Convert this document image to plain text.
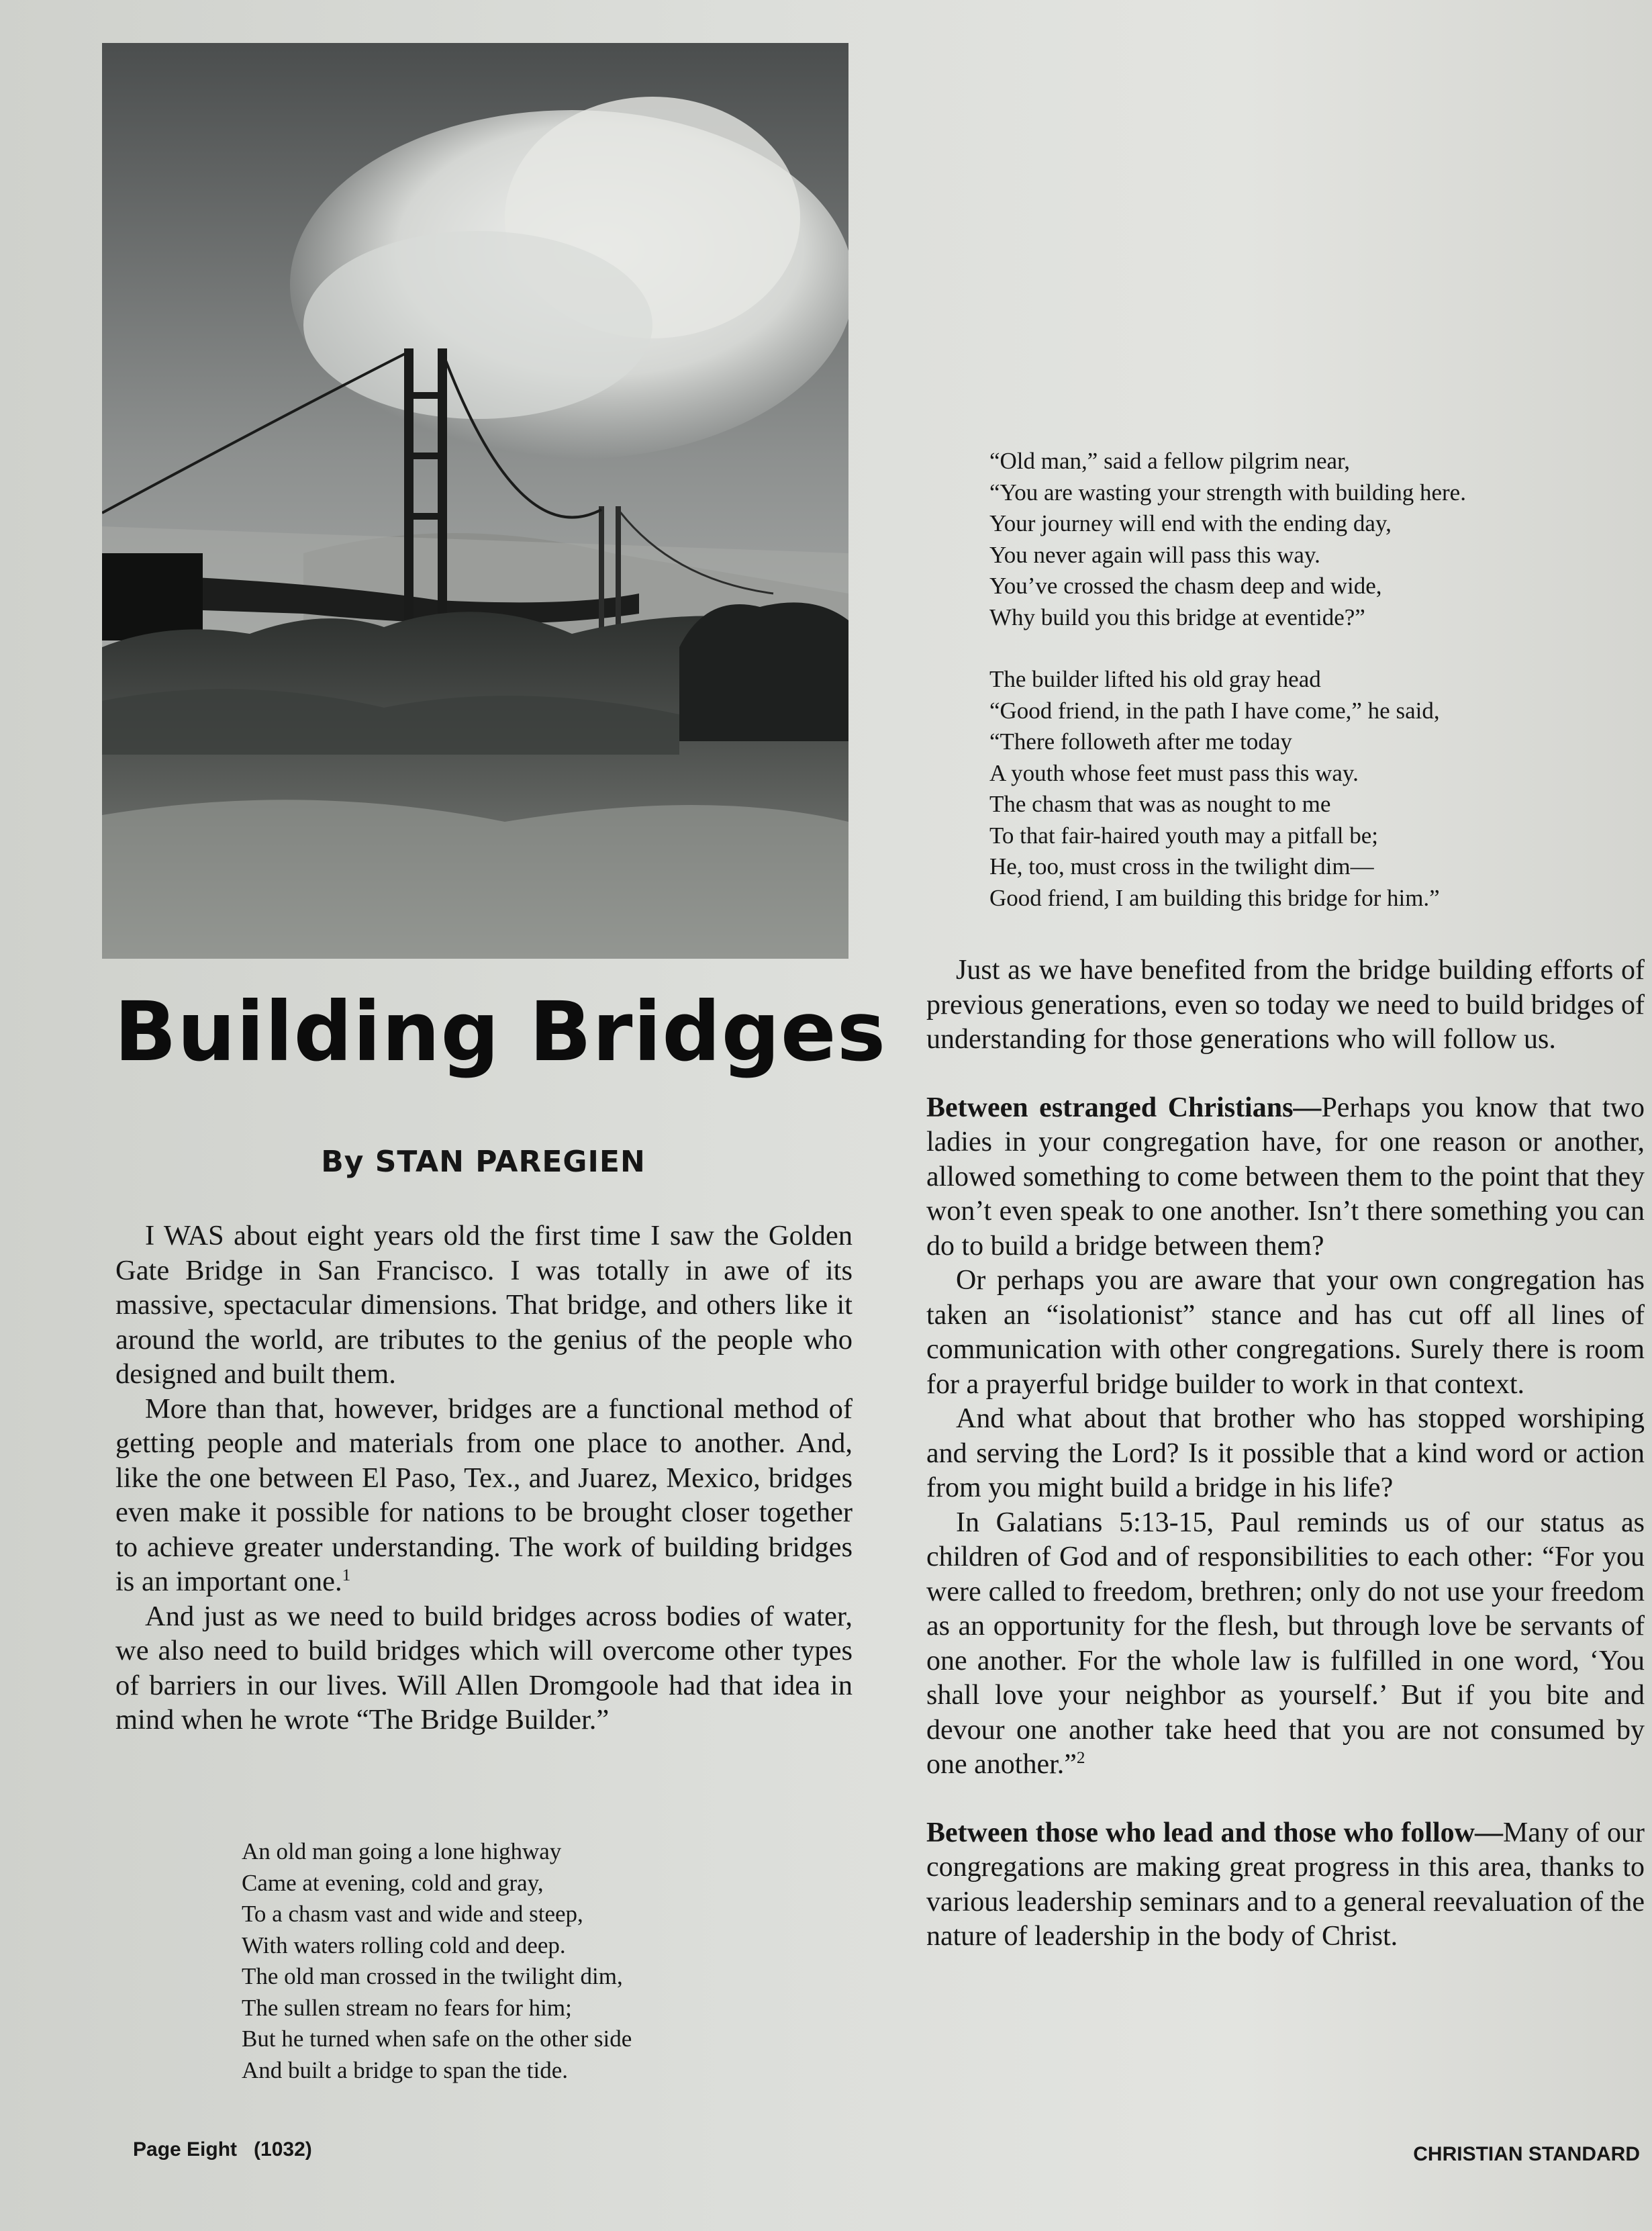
Building Bridges
By STAN PAREGIEN

I WAS about eight years old the first time I saw the Golden Gate Bridge in San Francisco. I was totally in awe of its massive, spectacular dimensions. That bridge, and others like it around the world, are tributes to the genius of the people who designed and built them.

More than that, however, bridges are a functional method of getting people and materials from one place to another. And, like the one between El Paso, Tex., and Juarez, Mexico, bridges even make it possible for nations to be brought closer together to achieve greater understanding. The work of building bridges is an important one.$^1$

And just as we need to build bridges across bodies of water, we also need to build bridges which will overcome other types of barriers in our lives. Will Allen Dromgoole had that idea in mind when he wrote “The Bridge Builder.”

An old man going a lone highway
Came at evening, cold and gray,
To a chasm vast and wide and steep,
With waters rolling cold and deep.
The old man crossed in the twilight dim,
The sullen stream no fears for him;
But he turned when safe on the other side
And built a bridge to span the tide.
“Old man,” said a fellow pilgrim near,
“You are wasting your strength with building here.
Your journey will end with the ending day,
You never again will pass this way.
You’ve crossed the chasm deep and wide,
Why build you this bridge at eventide?”
The builder lifted his old gray head
“Good friend, in the path I have come,” he said,
“There followeth after me today
A youth whose feet must pass this way.
The chasm that was as nought to me
To that fair-haired youth may a pitfall be;
He, too, must cross in the twilight dim—
Good friend, I am building this bridge for him.”

Just as we have benefited from the bridge building efforts of previous generations, even so today we need to build bridges of understanding for those generations who will follow us.

Between estranged Christians—Perhaps you know that two ladies in your congregation have, for one reason or another, allowed something to come between them to the point that they won’t even speak to one another. Isn’t there something you can do to build a bridge between them?

Or perhaps you are aware that your own congregation has taken an “isolationist” stance and has cut off all lines of communication with other congregations. Surely there is room for a prayerful bridge builder to work in that context.

And what about that brother who has stopped worshiping and serving the Lord? Is it possible that a kind word or action from you might build a bridge in his life?

In Galatians 5:13-15, Paul reminds us of our status as children of God and of responsibilities to each other: “For you were called to freedom, brethren; only do not use your freedom as an opportunity for the flesh, but through love be servants of one another. For the whole law is fulfilled in one word, ‘You shall love your neighbor as yourself.’ But if you bite and devour one another take heed that you are not consumed by one another.”$^2$

Between those who lead and those who follow—Many of our congregations are making great progress in this area, thanks to various leadership seminars and to a general reevaluation of the nature of leadership in the body of Christ.

Page Eight   (1032)	CHRISTIAN STANDARD
